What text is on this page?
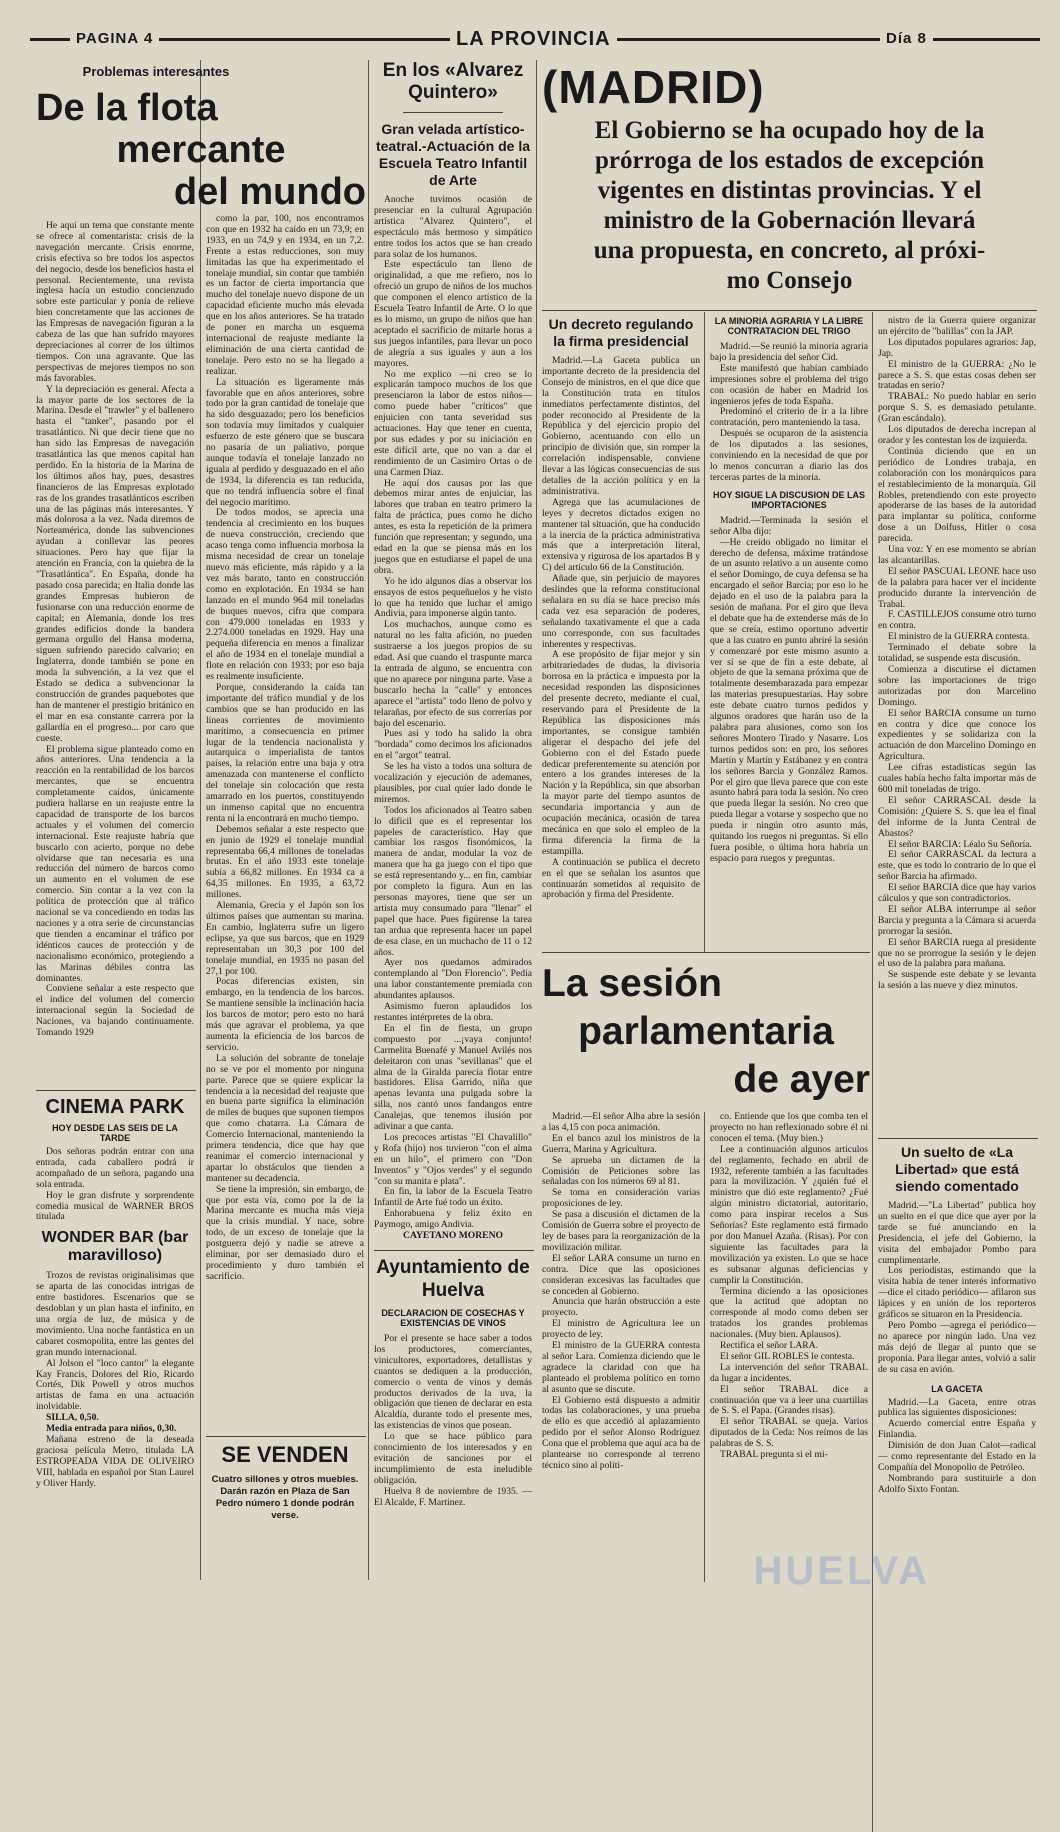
PAGINA 4	LA PROVINCIA	Día 8
Problemas interesantes
De la flota
mercante
del mundo

He aquí un tema que constante mente se ofrece al comentarista: crisis de la navegación mercante. Crisis enorme, crisis efectiva so bre todos los aspectos del negocio, desde los beneficios hasta el personal. Recientemente, una revista inglesa hacía un estudio concienzudo sobre este particular y ponía de relieve bien concretamente que las acciones de las Empresas de navegación figuran a la cabeza de las que han sufrido mayores depreciaciones al correr de los últimos tiempos. Con una agravante. Que las perspectivas de mejores tiempos no son más favorables.

Y la depreciación es general. Afecta a la mayor parte de los sectores de la Marina. Desde el "trawler" y el ballenero hasta el "tanker", pasando por el trasatlántico. Ni que decir tiene que no han sido las Empresas de navegación trasatlántica las que menos capital han perdido. En la historia de la Marina de los últimos años hay, pues, desastres financieros de las Empresas explotado ras de los grandes trasatlánticos escriben una de las páginas más interesantes. Y más dolorosa a la vez. Nada diremos de Norteamérica, donde las subvenciones ayudan a conllevar las peores situaciones. Pero hay que fijar la atención en Francia, con la quiebra de la "Trasatlántica". En España, donde ha pasado cosa parecida; en Italia donde las grandes Empresas hubieron de fusionarse con una reducción enorme de capital; en Alemania, donde los tres grandes edificios donde la bandera germana orgullo del Hansa moderna, siguen sufriendo parecido calvario; en Inglaterra, donde también se pone en moda la subvención, a la vez que el Estado se dedica a subvencionar la construcción de grandes paquebotes que han de mantener el prestigio británico en el mar en esa constante carrera por la gallardía en el progreso... por caro que cueste.

El problema sigue planteado como en años anteriores. Una tendencia a la reacción en la rentabilidad de los barcos mercantes, que se encuentra completamente caídos, únicamente pudiera hallarse en un reajuste entre la capacidad de transporte de los barcos actuales y el volumen del comercio internacional. Este reajuste habría que buscarlo con acierto, porque no debe olvidarse que tan necesaria es una reducción del número de barcos como un aumento en el volumen de ese comercio. Sin contar a la vez con la política de protección que al tráfico nacional se va concediendo en todas las naciones y a otra serie de circunstancias que tienden a encaminar el tráfico por idénticos cauces de protección y de nacionalismo económico, protegiendo a las Marinas débiles contra las dominantes.

Conviene señalar a este respecto que el índice del volumen del comercio internacional según la Sociedad de Naciones, va bajando continuamente. Tomando 1929

CINEMA PARK
HOY DESDE LAS SEIS DE LA TARDE

Dos señoras podrán entrar con una entrada, cada caballero podrá ir acompañado de un señora, pagando una sola entrada.

Hoy le gran disfrute y sorprendente comedia musical de WARNER BROS titulada

WONDER BAR (bar maravilloso)

Trozos de revistas originalísimas que se aparta de las conocidas intrigas de entre bastidores. Escenarios que se desdoblan y un plan hasta el infinito, en una orgía de luz, de música y de movimiento. Una noche fantástica en un cabaret cosmopolita, entre las gentes del gran mundo internacional.

Al Jolson el "loco cantor" la elegante Kay Francis, Dolores del Río, Ricardo Cortés, Dik Powell y otros muchos artistas de fama en una actuación inolvidable.

SILLA, 0,50.

Media entrada para niños, 0,30.

Mañana estreno de la deseada graciosa película Metro, titulada LA ESTROPEADA VIDA DE OLIVEIRO VIII, hablada en español por Stan Laurel y Oliver Hardy.

como la par, 100, nos encontramos con que en 1932 ha caído en un 73,9; en 1933, en un 74,9 y en 1934, en un 7,2. Frente a estas reducciones, son muy limitadas las que ha experimentado el tonelaje mundial, sin contar que también es un factor de cierta importancia que mucho del tonelaje nuevo dispone de un capacidad eficiente mucho más elevada que en los años anteriores. Se ha tratado de poner en marcha un esquema internacional de reajuste mediante la eliminación de una cierta cantidad de tonelaje. Pero esto no se ha llegado a realizar.

La situación es ligeramente más favorable que en años anteriores, sobre todo por la gran cantidad de tonelaje que ha sido desguazado; pero los beneficios son todavía muy limitados y cualquier esfuerzo de este género que se buscara no pasaría de un paliativo, porque aunque todavía el tonelaje lanzado no iguala al perdido y desguazado en el año de 1934, la diferencia es tan reducida, que no tendrá influencia sobre el final del negocio marítimo.

De todos modos, se aprecia una tendencia al crecimiento en los buques de nueva construcción, creciendo que acaso tenga como influencia morbosa la misma necesidad de crear un tonelaje nuevo más eficiente, más rápido y a la vez más barato, tanto en construcción como en explotación. En 1934 se han lanzado en el mundo 964 mil toneladas de buques nuevos, cifra que compara con 479.000 toneladas en 1933 y 2.274.000 toneladas en 1929. Hay una pequeña diferencia en menos a finalizar el año de 1934 en el tonelaje mundial a flote en relación con 1933; por eso baja es realmente insuficiente.

Porque, considerando la caída tan importante del tráfico mundial y de los cambios que se han producido en las líneas corrientes de movimiento marítimo, a consecuencia en primer lugar de la tendencia nacionalista y autarquica o imperialista de tantos países, la relación entre una baja y otra amenazada con mantenerse el conflicto del tonelaje sin colocación que resta amarrado en los puertos, constituyendo un inmenso capital que no encuentra renta ni la encontrará en mucho tiempo.

Debemos señalar a este respecto que en junio de 1929 el tonelaje mundial representaba 66,4 millones de toneladas brutas. En el año 1933 este tonelaje subía a 66,82 millones. En 1934 ca a 64,35 millones. En 1935, a 63,72 millones.

Alemania, Grecia y el Japón son los últimos países que aumentan su marina. En cambio, Inglaterra sufre un ligero eclipse, ya que sus barcos, que en 1929 representaban un 30,3 por 100 del tonelaje mundial, en 1935 no pasan del 27,1 por 100.

Pocas diferencias existen, sin embargo, en la tendencia de los barcos. Se mantiene sensible la inclinación hacia los barcos de motor; pero esto no hará más que agravar el problema, ya que aumenta la eficiencia de los barcos de servicio.

La solución del sobrante de tonelaje no se ve por el momento por ninguna parte. Parece que se quiere explicar la tendencia a la necesidad del reajuste que en buena parte significa la eliminación de miles de buques que suponen tiempos que como chatarra. La Cámara de Comercio Internacional, manteniendo la primera tendencia, dice que hay que reanimar el comercio internacional y apartar lo obstáculos que tienden a mantener su decadencia.

Se tiene la impresión, sin embargo, de que por esta vía, como por la de la Marina mercante es mucha más vieja que la crisis mundial. Y nace, sobre todo, de un exceso de tonelaje que la postguerra dejó y nadie se atreve a eliminar, por ser demasiado duro el procedimiento y duro también el sacrificio.

SE VENDEN
Cuatro sillones y otros muebles. Darán razón en Plaza de San Pedro número 1 donde podrán verse.
En los «Alvarez Quintero»
Gran velada artístico-teatral.-Actuación de la Escuela Teatro Infantil de Arte

Anoche tuvimos ocasión de presenciar en la cultural Agrupación artística "Alvarez Quintero", el espectáculo más hermoso y simpático entre todos los actos que se han creado para solaz de los humanos.

Este espectáculo tan lleno de originalidad, a que me refiero, nos lo ofreció un grupo de niños de los muchos que componen el elenco artístico de la Escuela Teatro Infantil de Arte. O lo que es lo mismo, un grupo de niños que han aceptado el sacrificio de mitarle horas a sus juegos infantiles, para llevar un poco de alegría a sus iguales y aun a los mayores.

No me explico —ni creo se lo explicarán tampoco muchos de los que presenciaron la labor de estos niños—como puede haber "críticos" que enjuicien con tanta severidad sus actuaciones. Hay que tener en cuenta, por sus edades y por su iniciación en este difícil arte, que no van a dar el rendimiento de un Casimiro Ortas o de una Carmen Díaz.

He aquí dos causas por las que debemos mirar antes de enjuiciar, las labores que traban en teatro primero la falta de práctica, pues como he dicho antes, es esta la repetición de la primera función que representan; y segundo, una edad en la que se piensa más en los juegos que en estudiarse el papel de una obra.

Yo he ido algunos días a observar los ensayos de estos pequeñuelos y he visto lo que ha tenido que luchar el amigo Andivia, para imponerse algún tanto.

Los muchachos, aunque como es natural no les falta afición, no pueden sustraerse a los juegos propios de su edad. Así que cuando el traspunte marca la entrada de alguno, se encuentra con que no aparece por ninguna parte. Vase a buscarlo hecha la "calle" y entonces aparece el "artista" todo lleno de polvo y telarañas, por efecto de sus correrías por bajo del escenario.

Pues así y todo ha salido la obra "bordada" como decimos los aficionados en el "argot" teatral.

Se les ha visto a todos una soltura de vocalización y ejecución de ademanes, plausibles, por cual quier lado donde le miremos.

Todos los aficionados al Teatro saben lo difícil que es el representar los papeles de característico. Hay que cambiar los rasgos fisonómicos, la manera de andar, modular la voz de manera que ha ga juego con el tipo que se está representando y... en fin, cambiar por completo la figura. Aun en las personas mayores, tiene que ser un artista muy consumado para "llenar" el papel que hace. Pues figúrense la tarea tan ardua que representa hacer un papel de esa clase, en un muchacho de 11 o 12 años.

Ayer nos quedamos admirados contemplando al "Don Florencio". Pedía una labor constantemente premiada con abundantes aplausos.

Asimismo fueron aplaudidos los restantes intérpretes de la obra.

En el fin de fiesta, un grupo compuesto por ...¡vaya conjunto! Carmelita Buenafé y Manuel Avilés nos deleitaron con unas "sevillanas" que el alma de la Giralda parecía flotar entre bastidores. Elisa Garrido, niña que apenas levanta una pulgada sobre la silla, nos cantó unos fandangos entre Canalejas, que tenemos ilusión por adivinar a que canta.

Los precoces artistas "El Chavalillo" y Rofa (hijo) nos tuvieron "con el alma en un hilo", el primero con "Don Inventos" y "Ojos verdes" y el segundo "con su manita e plata".

En fin, la labor de la Escuela Teatro Infantil de Arte fué todo un éxito.

Enhorabuena y feliz éxito en Paymogo, amigo Andivia.

CAYETANO MORENO

Ayuntamiento de Huelva
DECLARACION DE COSECHAS Y EXISTENCIAS DE VINOS

Por el presente se hace saber a todos los productores, comerciantes, vinicultores, exportadores, detallistas y cuantos se dediquen a la producción, comercio o venta de vinos y demás productos derivados de la uva, la obligación que tienen de declarar en esta Alcaldía, durante todo el presente mes, las existencias de vinos que posean.

Lo que se hace público para conocimiento de los interesados y en evitación de sanciones por el incumplimiento de esta ineludible obligación.

Huelva 8 de noviembre de 1935. — El Alcalde, F. Martínez.

(MADRID)
El Gobierno se ha ocupado hoy de la
prórroga de los estados de excepción
vigentes en distintas provincias. Y el
ministro de la Gobernación llevará
una propuesta, en concreto, al próxi-
mo Consejo
Un decreto regulando la firma presidencial

Madrid.—La Gaceta publica un importante decreto de la presidencia del Consejo de ministros, en el que dice que la Constitución trata en títulos inmediatos perfectamente distintos, del poder reconocido al Presidente de la República y del ejercicio propio del Gobierno, acentuando con ello un principio de división que, sin romper la correlación indispensable, conviene llevar a las lógicas consecuencias de sus detalles de la acción política y en la administrativa.

Agrega que las acumulaciones de leyes y decretos dictados exigen no mantener tal situación, que ha conducido a la inercia de la práctica administrativa más que a interpretación literal, extensiva y rigurosa de los apartados B y C) del artículo 66 de la Constitución.

Añade que, sin perjuicio de mayores deslindes que la reforma constitucional señalara en su día se hace preciso más cada vez esa separación de poderes, señalando taxativamente el que a cada uno corresponde, con sus facultades inherentes y respectivas.

A ese propósito de fijar mejor y sin arbitrariedades de dudas, la divisoria borrosa en la práctica e impuesta por la necesidad responden las disposiciones del presente decreto, mediante el cual, reservando para el Presidente de la República las disposiciones más importantes, se consigue también aligerar el despacho del jefe del Gobierno con el del Estado puede dedicar preferentemente su atención por entero a los grandes intereses de la Nación y la República, sin que absorban la mayor parte del tiempo asuntos de secundaria importancia y aun de ocupación mecánica, ocasión de tarea mecánica en que solo el empleo de la firma diferencia la firma de la estampilla.

A continuación se publica el decreto en el que se señalan los asuntos que continuarán sometidos al requisito de aprobación y firma del Presidente.

LA MINORIA AGRARIA Y LA LIBRE CONTRATACION DEL TRIGO

Madrid.—Se reunió la minoría agraria bajo la presidencia del señor Cid.

Este manifestó que habían cambiado impresiones sobre el problema del trigo con ocasión de haber en Madrid los ingenieros jefes de toda España.

Predominó el criterio de ir a la libre contratación, pero manteniendo la tasa.

Después se ocuparon de la asistencia de los diputados a las sesiones, conviniendo en la necesidad de que por lo menos concurran a diario las dos terceras partes de la minoría.

HOY SIGUE LA DISCUSION DE LAS IMPORTACIONES

Madrid.—Terminada la sesión el señor Alba dijo:

—He creído obligado no limitar el derecho de defensa, máxime tratándose de un asunto relativo a un ausente como el señor Domingo, de cuya defensa se ha encargado el señor Barcia; por eso lo he dejado en el uso de la palabra para la sesión de mañana. Por el giro que lleva el debate que ha de extenderse más de lo que se creía, estimo oportuno advertir que a las cuatro en punto abriré la sesión y comenzaré por este mismo asunto a ver si se que de fin a este debate, al objeto de que la semana próxima que de totalmente desembarazada para empezar las materias presupuestarias. Hay sobre este debate cuatro turnos pedidos y algunos oradores que harán uso de la palabra para alusiones, como son los señores Montero Tirado y Nasarre. Los turnos pedidos son: en pro, los señores Martín y Martín y Estábanez y en contra los señores Barcia y González Ramos. Por el giro que lleva parece que con este asunto habrá para toda la sesión. No creo que pueda llegar la sesión. No creo que pueda llegar a votarse y sospecho que no pueda ir ningún otro asunto más, quitando los ruegos ni preguntas. Si ello fuera posible, o última hora habría un espacio para ruegos y preguntas.

La sesión
parlamentaria
de ayer

Madrid.—El señor Alba abre la sesión a las 4,15 con poca animación.

En el banco azul los ministros de la Guerra, Marina y Agricultura.

Se aprueba un dictamen de la Comisión de Peticiones sobre las señaladas con los números 69 al 81.

Se toma en consideración varias proposiciones de ley.

Se pasa a discusión el dictamen de la Comisión de Guerra sobre el proyecto de ley de bases para la reorganización de la movilización militar.

El señor LARA consume un turno en contra. Dice que las oposiciones consideran excesivas las facultades que se conceden al Gobierno.

Anuncia que harán obstrucción a este proyecto.

El ministro de Agricultura lee un proyecto de ley.

El ministro de la GUERRA contesta al señor Lara. Comienza diciendo que le agradece la claridad con que ha planteado el problema político en torno al asunto que se discute.

El Gobierno está dispuesto a admitir todas las colaboraciones, y una prueba de ello es que accedió al aplazamiento pedido por el señor Alonso Rodríguez Cona que el problema que aquí aca ba de plantearse no corresponde al terreno técnico sino al políti-

co. Entiende que los que comba ten el proyecto no han reflexionado sobre él ni conocen el tema. (Muy bien.)

Lee a continuación algunos artículos del reglamento, fechado en abril de 1932, referente también a las facultades para la movilización. Y ¿quién fué el ministro que dió este reglamento? ¿Fué algún ministro dictatorial, autoritario, como para inspirar recelos a Sus Señorías? Este reglamento está firmado por don Manuel Azaña. (Risas). Por con siguiente las facultades para la movilización ya existen. Lo que se hace es subsanar algunas deficiencias y cumplir la Constitución.

Termina diciendo a las oposiciones que la actitud que adoptan no corresponde al modo como deben ser tratados los grandes problemas nacionales. (Muy bien. Aplausos).

Rectifica el señor LARA.

El señor GIL ROBLES le contesta.

La intervención del señor TRABAL da lugar a incidentes.

El señor TRABAL dice a continuación que va a leer una cuartillas de S. S. el Papa. (Grandes risas).

El señor TRABAL se queja. Varios diputados de la Ceda: Nos reímos de las palabras de S. S.

TRABAL pregunta si el mi-

nistro de la Guerra quiere organizar un ejército de "balillas" con la JAP.

Los diputados populares agrarios: Jap, Jap.

El ministro de la GUERRA: ¿No le parece a S. S. que estas cosas deben ser tratadas en serio?

TRABAL: No puedo hablar en serio porque S. S. es demasiado petulante. (Gran escándalo).

Los diputados de derecha increpan al orador y les contestan los de izquierda.

Continúa diciendo que en un periódico de Londres trabaja, en colaboración con los monárquicos para el restablecimiento de la monarquía. Gil Robles, pretendiendo con este proyecto apoderarse de las bases de la autoridad para implantar su política, conforme dose a un Dolfuss, Hitler o cosa parecida.

Una voz: Y en ese momento se abrían las alcantarillas.

El señor PASCUAL LEONE hace uso de la palabra para hacer ver el incidente producido durante la intervención de Trabal.

F. CASTILLEJOS consume otro turno en contra.

El ministro de la GUERRA contesta.

Terminado el debate sobre la totalidad, se suspende esta discusión.

Comienza a discutirse el dictamen sobre las importaciones de trigo autorizadas por don Marcelino Domingo.

El señor BARCIA consume un turno en contra y dice que conoce los expedientes y se solidariza con la actuación de don Marcelino Domingo en Agricultura.

Lee cifras estadísticas según las cuales había hecho falta importar más de 600 mil toneladas de trigo.

El señor CARRASCAL desde la Comisión: ¿Quiere S. S. que lea el final del informe de la Junta Central de Abastos?

El señor BARCIA: Léalo Su Señoría.

El señor CARRASCAL da lectura a este, que es todo lo contrario de lo que el señor Barcia ha afirmado.

El señor BARCIA dice que hay varios cálculos y que son contradictorios.

El señor ALBA interrumpe al señor Barcia y pregunta a la Cámara si acuerda prorrogar la sesión.

El señor BARCIA ruega al presidente que no se prorrogue la sesión y le dejen el uso de la palabra para mañana.

Se suspende este debate y se levanta la sesión a las nueve y diez minutos.

Un suelto de «La Libertad» que está siendo comentado

Madrid.—"La Libertad" publica hoy un suelto en el que dice que ayer por la tarde se fué anunciando en la Presidencia, el jefe del Gobierno, la visita del embajador Pombo para cumplimentarle.

Los periodistas, estimando que la visita había de tener interés informativo —dice el citado periódico— afilaron sus lápices y en unión de los reporteros gráficos se situaron en la Presidencia.

Pero Pombo —agrega el periódico— no aparece por ningún lado. Una vez más dejó de llegar al punto que se proponía. Para llegar antes, volvió a salir de su casa en avión.

LA GACETA

Madrid.—La Gaceta, entre otras publica las siguientes disposiciones:

Acuerdo comercial entre España y Finlandia.

Dimisión de don Juan Calot—radical— como representante del Estado en la Compañía del Monopolio de Petróleo.

Nombrando para sustituirle a don Adolfo Sixto Fontan.

HUELVA
